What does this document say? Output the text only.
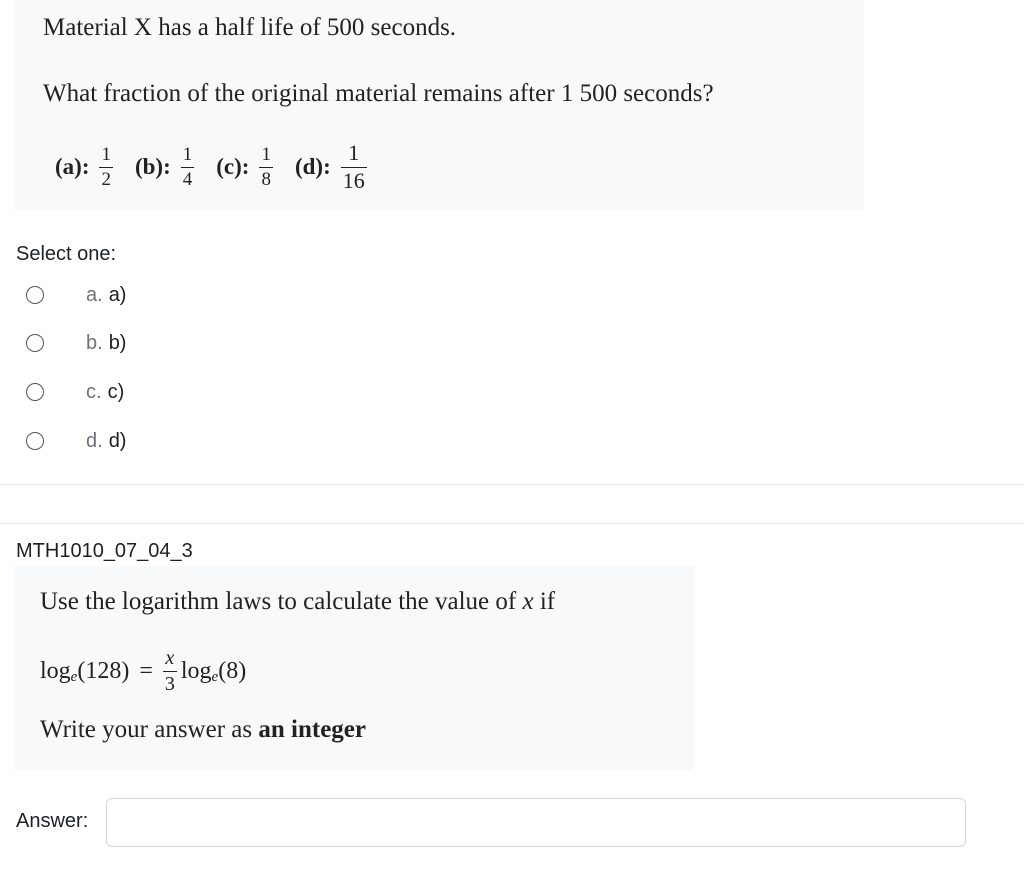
Material X has a half life of 500 seconds.
What fraction of the original material remains after 1 500 seconds?
(a): $\frac{1}{2} (b)$: $\frac{1}{4} (c)$: $\frac{1}{8} (d)$: $\frac{1}{16}$
Select one:
a. a)
b. b)
c. c)
d. d)
MTH1010_07_04_3
Use the logarithm laws to calculate the value of x if
log e $(128) = \frac{x}{3}$ log e (8)
Write your answer as an integer
Answer:
